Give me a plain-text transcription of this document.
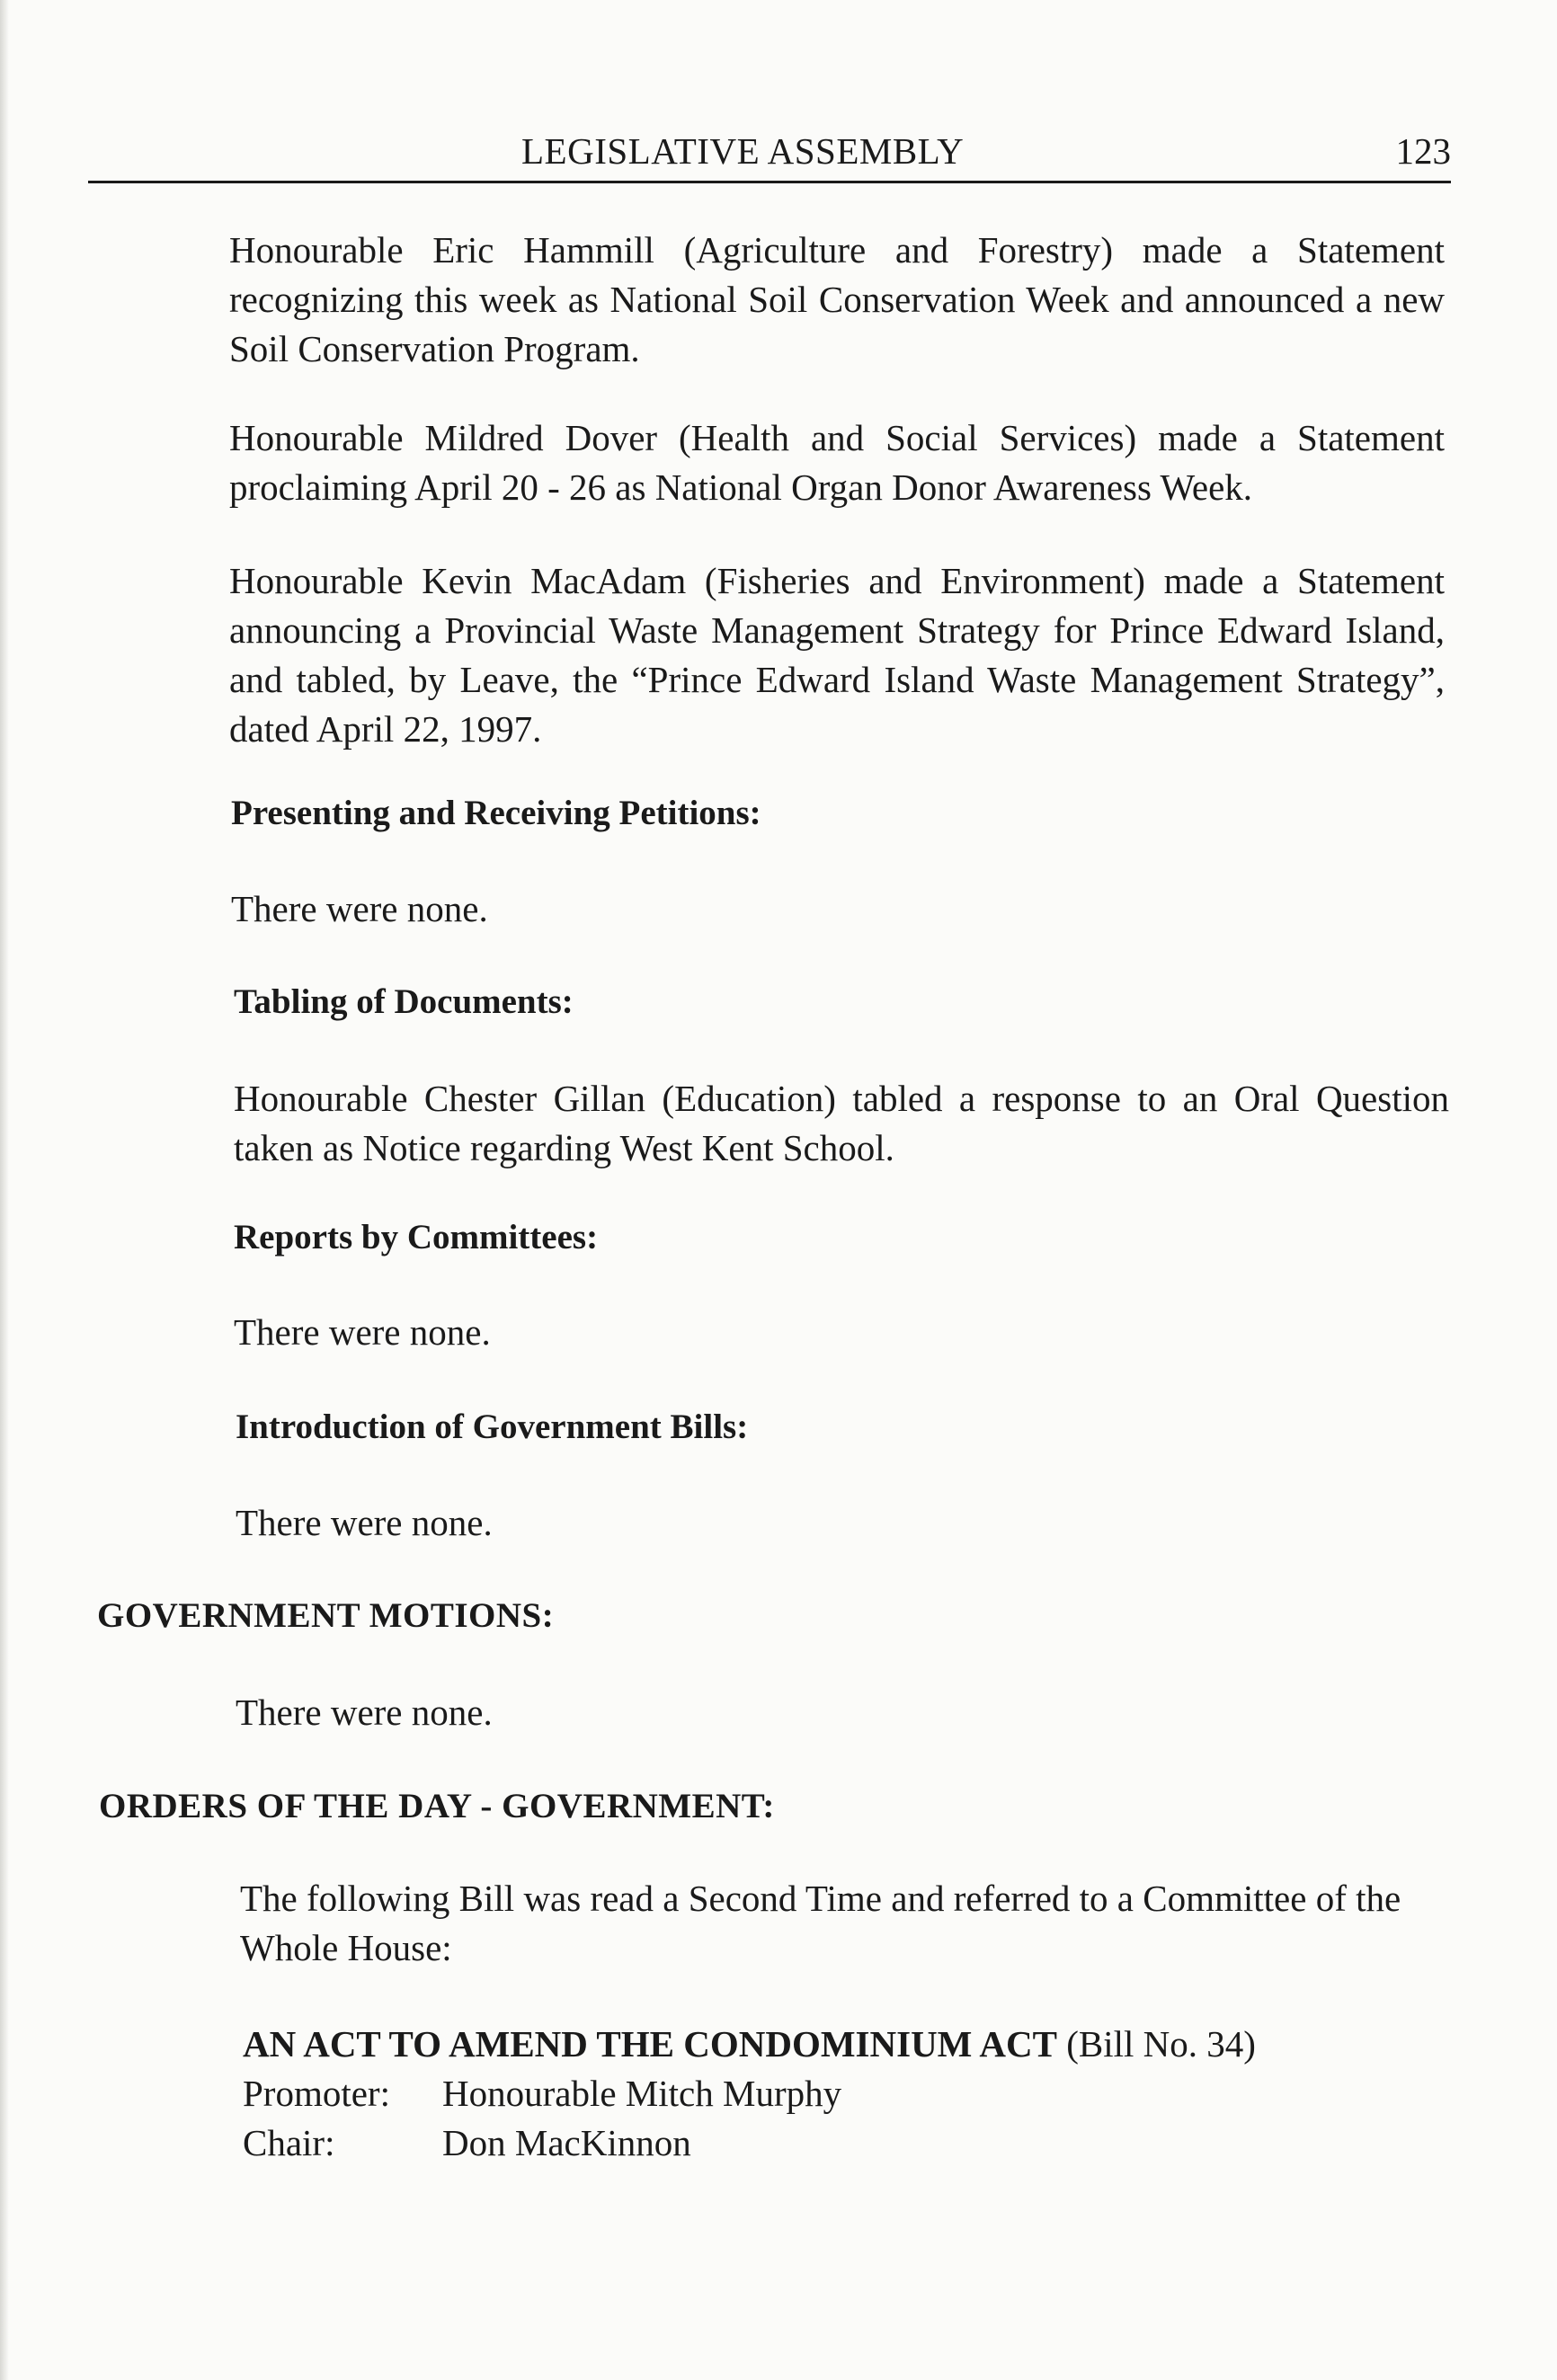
LEGISLATIVE ASSEMBLY	123

Honourable Eric Hammill (Agriculture and Forestry) made a Statement recognizing this week as National Soil Conservation Week and announced a new Soil Conservation Program.

Honourable Mildred Dover (Health and Social Services) made a Statement proclaiming April 20 - 26 as National Organ Donor Awareness Week.

Honourable Kevin MacAdam (Fisheries and Environment) made a Statement announcing a Provincial Waste Management Strategy for Prince Edward Island, and tabled, by Leave, the “Prince Edward Island Waste Management Strategy”, dated April 22, 1997.

Presenting and Receiving Petitions:

There were none.

Tabling of Documents:

Honourable Chester Gillan (Education) tabled a response to an Oral Question taken as Notice regarding West Kent School.

Reports by Committees:

There were none.

Introduction of Government Bills:

There were none.

GOVERNMENT MOTIONS:

There were none.

ORDERS OF THE DAY - GOVERNMENT:

The following Bill was read a Second Time and referred to a Committee of the Whole House:

AN ACT TO AMEND THE CONDOMINIUM ACT (Bill No. 34)

Promoter: Honourable Mitch Murphy
Chair:	Don MacKinnon
